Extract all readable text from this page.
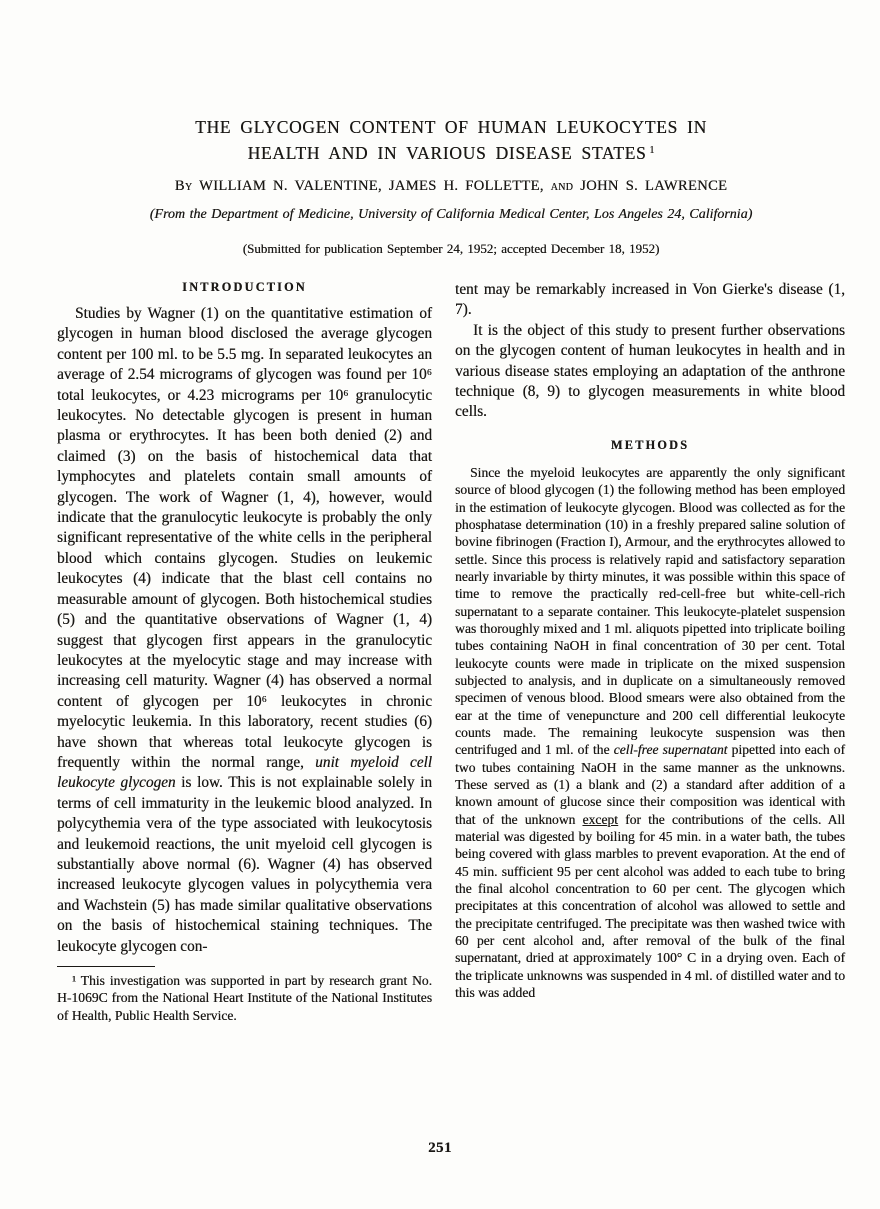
THE GLYCOGEN CONTENT OF HUMAN LEUKOCYTES IN
HEALTH AND IN VARIOUS DISEASE STATES $^1$
By WILLIAM N. VALENTINE, JAMES H. FOLLETTE, and JOHN S. LAWRENCE
(From the Department of Medicine, University of California Medical Center, Los Angeles 24, California)
(Submitted for publication September 24, 1952; accepted December 18, 1952)
INTRODUCTION

Studies by Wagner (1) on the quantitative estimation of glycogen in human blood disclosed the average glycogen content per 100 ml. to be 5.5 mg. In separated leukocytes an average of 2.54 micrograms of glycogen was found per 10⁶ total leukocytes, or 4.23 micrograms per 10⁶ granulocytic leukocytes. No detectable glycogen is present in human plasma or erythrocytes. It has been both denied (2) and claimed (3) on the basis of histochemical data that lymphocytes and platelets contain small amounts of glycogen. The work of Wagner (1, 4), however, would indicate that the granulocytic leukocyte is probably the only significant representative of the white cells in the peripheral blood which contains glycogen. Studies on leukemic leukocytes (4) indicate that the blast cell contains no measurable amount of glycogen. Both histochemical studies (5) and the quantitative observations of Wagner (1, 4) suggest that glycogen first appears in the granulocytic leukocytes at the myelocytic stage and may increase with increasing cell maturity. Wagner (4) has observed a normal content of glycogen per 10⁶ leukocytes in chronic myelocytic leukemia. In this laboratory, recent studies (6) have shown that whereas total leukocyte glycogen is frequently within the normal range, unit myeloid cell leukocyte glycogen is low. This is not explainable solely in terms of cell immaturity in the leukemic blood analyzed. In polycythemia vera of the type associated with leukocytosis and leukemoid reactions, the unit myeloid cell glycogen is substantially above normal (6). Wagner (4) has observed increased leukocyte glycogen values in polycythemia vera and Wachstein (5) has made similar qualitative observations on the basis of histochemical staining techniques. The leukocyte glycogen con-

¹ This investigation was supported in part by research grant No. H-1069C from the National Heart Institute of the National Institutes of Health, Public Health Service.

tent may be remarkably increased in Von Gierke's disease (1, 7).

It is the object of this study to present further observations on the glycogen content of human leukocytes in health and in various disease states employing an adaptation of the anthrone technique (8, 9) to glycogen measurements in white blood cells.

METHODS

Since the myeloid leukocytes are apparently the only significant source of blood glycogen (1) the following method has been employed in the estimation of leukocyte glycogen. Blood was collected as for the phosphatase determination (10) in a freshly prepared saline solution of bovine fibrinogen (Fraction I), Armour, and the erythrocytes allowed to settle. Since this process is relatively rapid and satisfactory separation nearly invariable by thirty minutes, it was possible within this space of time to remove the practically red-cell-free but white-cell-rich supernatant to a separate container. This leukocyte-platelet suspension was thoroughly mixed and 1 ml. aliquots pipetted into triplicate boiling tubes containing NaOH in final concentration of 30 per cent. Total leukocyte counts were made in triplicate on the mixed suspension subjected to analysis, and in duplicate on a simultaneously removed specimen of venous blood. Blood smears were also obtained from the ear at the time of venepuncture and 200 cell differential leukocyte counts made. The remaining leukocyte suspension was then centrifuged and 1 ml. of the cell-free supernatant pipetted into each of two tubes containing NaOH in the same manner as the unknowns. These served as (1) a blank and (2) a standard after addition of a known amount of glucose since their composition was identical with that of the unknown except for the contributions of the cells. All material was digested by boiling for 45 min. in a water bath, the tubes being covered with glass marbles to prevent evaporation. At the end of 45 min. sufficient 95 per cent alcohol was added to each tube to bring the final alcohol concentration to 60 per cent. The glycogen which precipitates at this concentration of alcohol was allowed to settle and the precipitate centrifuged. The precipitate was then washed twice with 60 per cent alcohol and, after removal of the bulk of the final supernatant, dried at approximately 100° C in a drying oven. Each of the triplicate unknowns was suspended in 4 ml. of distilled water and to this was added

251
